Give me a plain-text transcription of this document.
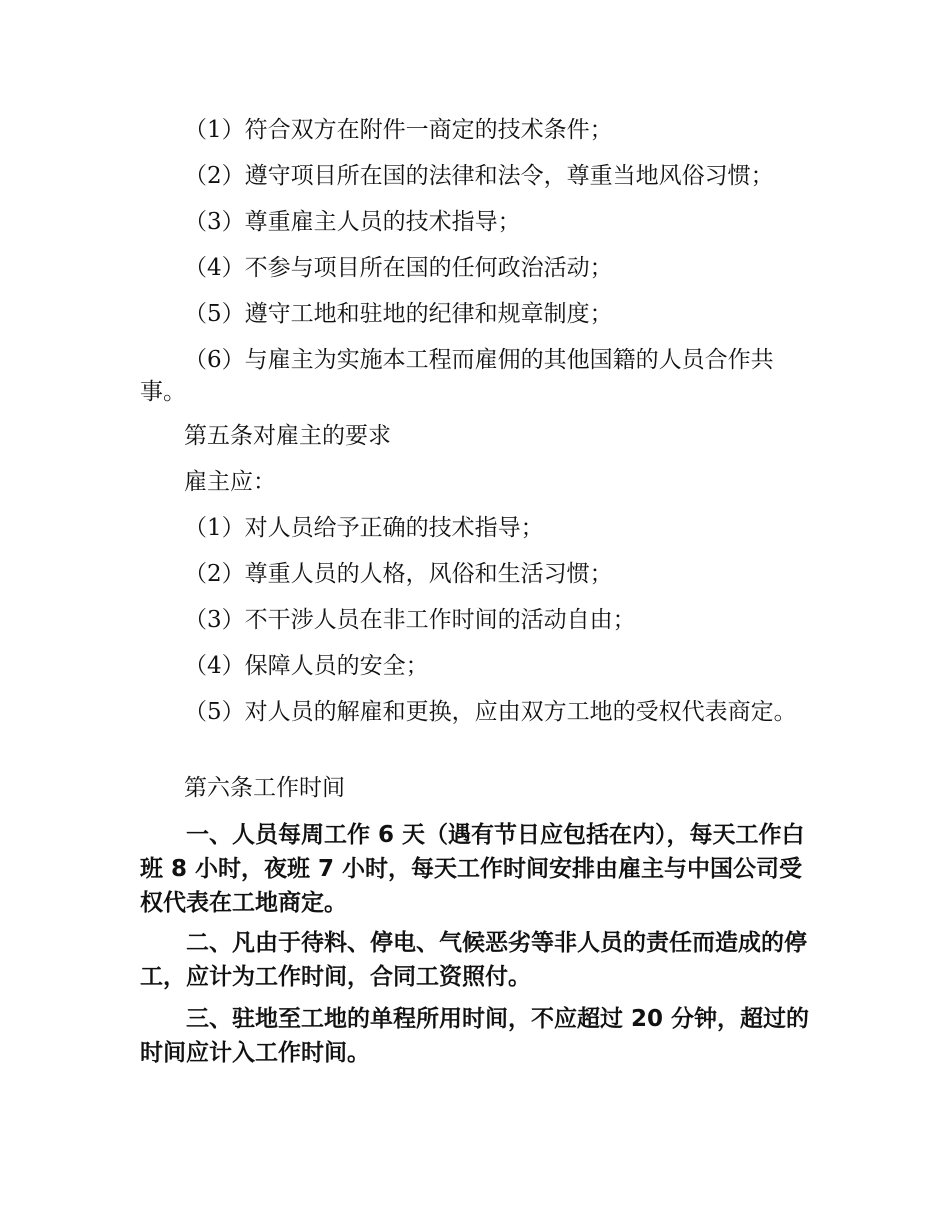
（1）符合双方在附件一商定的技术条件；

（2）遵守项目所在国的法律和法令，尊重当地风俗习惯；

（3）尊重雇主人员的技术指导；

（4）不参与项目所在国的任何政治活动；

（5）遵守工地和驻地的纪律和规章制度；

（6）与雇主为实施本工程而雇佣的其他国籍的人员合作共事。

第五条对雇主的要求

雇主应：

（1）对人员给予正确的技术指导；

（2）尊重人员的人格，风俗和生活习惯；

（3）不干涉人员在非工作时间的活动自由；

（4）保障人员的安全；

（5）对人员的解雇和更换，应由双方工地的受权代表商定。

第六条工作时间

一、人员每周工作 6 天（遇有节日应包括在内），每天工作白班 8 小时，夜班 7 小时，每天工作时间安排由雇主与中国公司受权代表在工地商定。

二、凡由于待料、停电、气候恶劣等非人员的责任而造成的停工，应计为工作时间，合同工资照付。

三、驻地至工地的单程所用时间，不应超过 20 分钟，超过的时间应计入工作时间。
